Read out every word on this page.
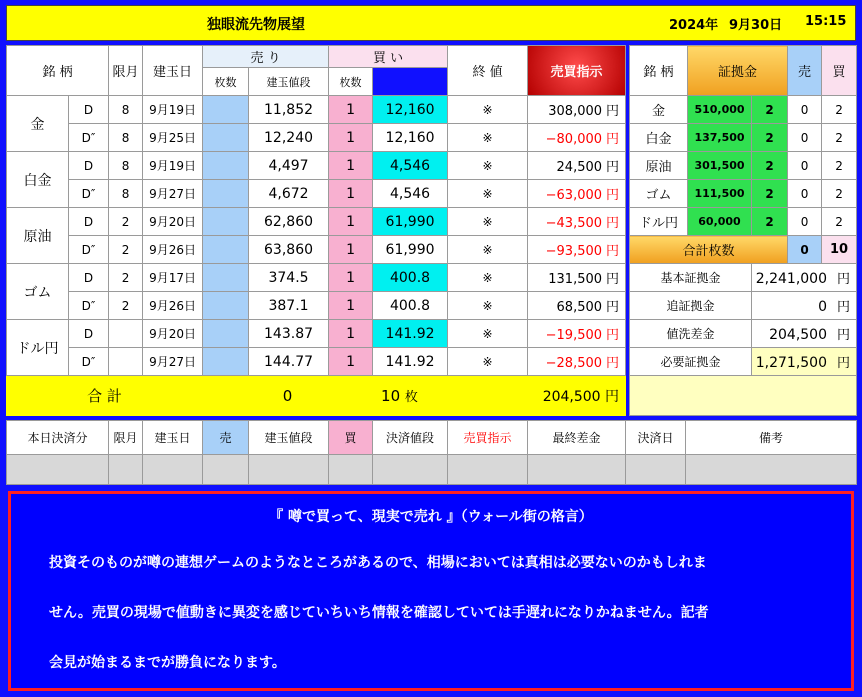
独眼流先物展望	2024年 9月30日 15:15
銘 柄		限月	建玉日	売 り		買 い		終 値	売買指示	
				枚数	建玉値段	枚数				
金	D	8	9月19日		11,852	1	12,160	※	308,000 円	
	D″	8	9月25日		12,240	1	12,160	※	−80,000 円	
白金	D	8	9月19日		4,497	1	4,546	※	24,500 円	
	D″	8	9月27日		4,672	1	4,546	※	−63,000 円	
原油	D	2	9月20日		62,860	1	61,990	※	−43,500 円	
	D″	2	9月26日		63,860	1	61,990	※	−93,500 円	
ゴム	D	2	9月17日		374.5	1	400.8	※	131,500 円	
	D″	2	9月26日		387.1	1	400.8	※	68,500 円	
ドル円	D		9月20日		143.87	1	141.92	※	−19,500 円	
	D″		9月27日		144.77	1	141.92	※	−28,500 円	
合 計				0			10 枚		204,500 円	
銘 柄	証拠金		売	買
金	510,000	2	0	2
白金	137,500	2	0	2
原油	301,500	2	0	2
ゴム	111,500	2	0	2
ドル円	60,000	2	0	2
合計枚数			0	10
基本証拠金		2,241,000 円		
追証拠金		0 円		
値洗差金		204,500 円		
必要証拠金		1,271,500 円		

本日決済分	限月	建玉日	売	建玉値段	買	決済値段	売買指示	最終差金	決済日	備考

『 噂で買って、現実で売れ 』（ウォール街の格言）
投資そのものが噂の連想ゲームのようなところがあるので、相場においては真相は必要ないのかもしれま
せん。売買の現場で値動きに異変を感じていちいち情報を確認していては手遅れになりかねません。記者
会見が始まるまでが勝負になります。
